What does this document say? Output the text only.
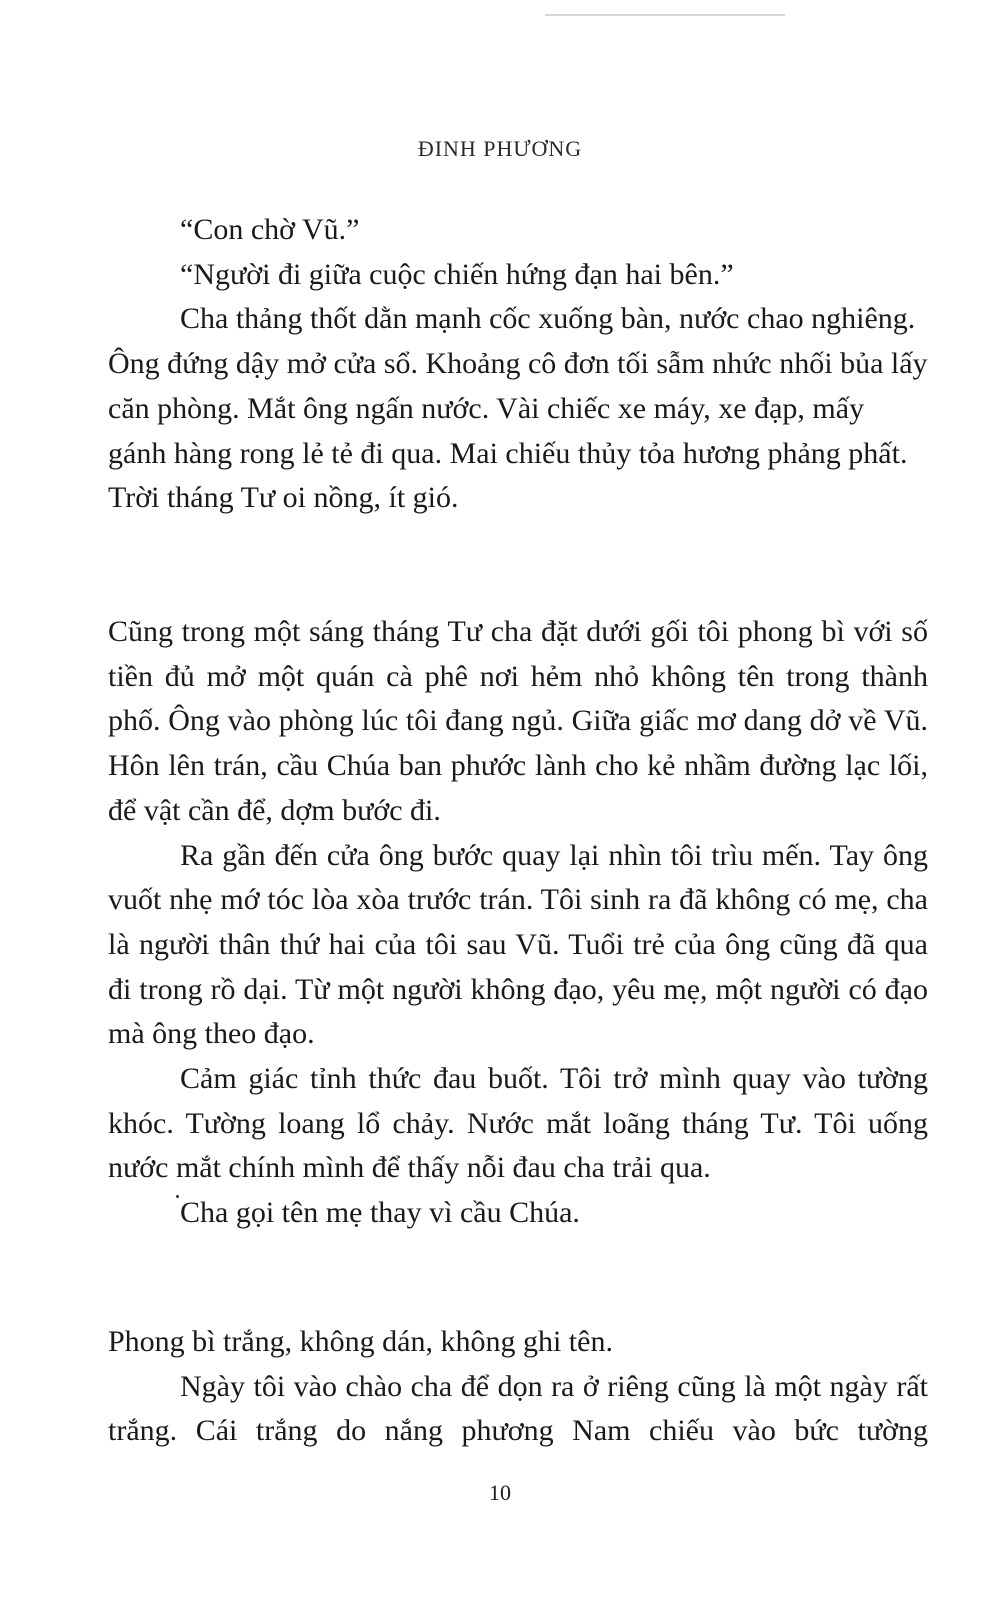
ĐINH PHƯƠNG

“Con chờ Vũ.”

“Người đi giữa cuộc chiến hứng đạn hai bên.”

Cha thảng thốt dằn mạnh cốc xuống bàn, nước chao nghiêng. Ông đứng dậy mở cửa sổ. Khoảng cô đơn tối sẫm nhức nhối bủa lấy căn phòng. Mắt ông ngấn nước. Vài chiếc xe máy, xe đạp, mấy gánh hàng rong lẻ tẻ đi qua. Mai chiếu thủy tỏa hương phảng phất. Trời tháng Tư oi nồng, ít gió.

Cũng trong một sáng tháng Tư cha đặt dưới gối tôi phong bì với số tiền đủ mở một quán cà phê nơi hẻm nhỏ không tên trong thành phố. Ông vào phòng lúc tôi đang ngủ. Giữa giấc mơ dang dở về Vũ. Hôn lên trán, cầu Chúa ban phước lành cho kẻ nhầm đường lạc lối, để vật cần để, dợm bước đi.

Ra gần đến cửa ông bước quay lại nhìn tôi trìu mến. Tay ông vuốt nhẹ mớ tóc lòa xòa trước trán. Tôi sinh ra đã không có mẹ, cha là người thân thứ hai của tôi sau Vũ. Tuổi trẻ của ông cũng đã qua đi trong rồ dại. Từ một người không đạo, yêu mẹ, một người có đạo mà ông theo đạo.

Cảm giác tỉnh thức đau buốt. Tôi trở mình quay vào tường khóc. Tường loang lổ chảy. Nước mắt loãng tháng Tư. Tôi uống nước mắt chính mình để thấy nỗi đau cha trải qua.

Cha gọi tên mẹ thay vì cầu Chúa.

Phong bì trắng, không dán, không ghi tên.

Ngày tôi vào chào cha để dọn ra ở riêng cũng là một ngày rất trắng. Cái trắng do nắng phương Nam chiếu vào bức tường

10
